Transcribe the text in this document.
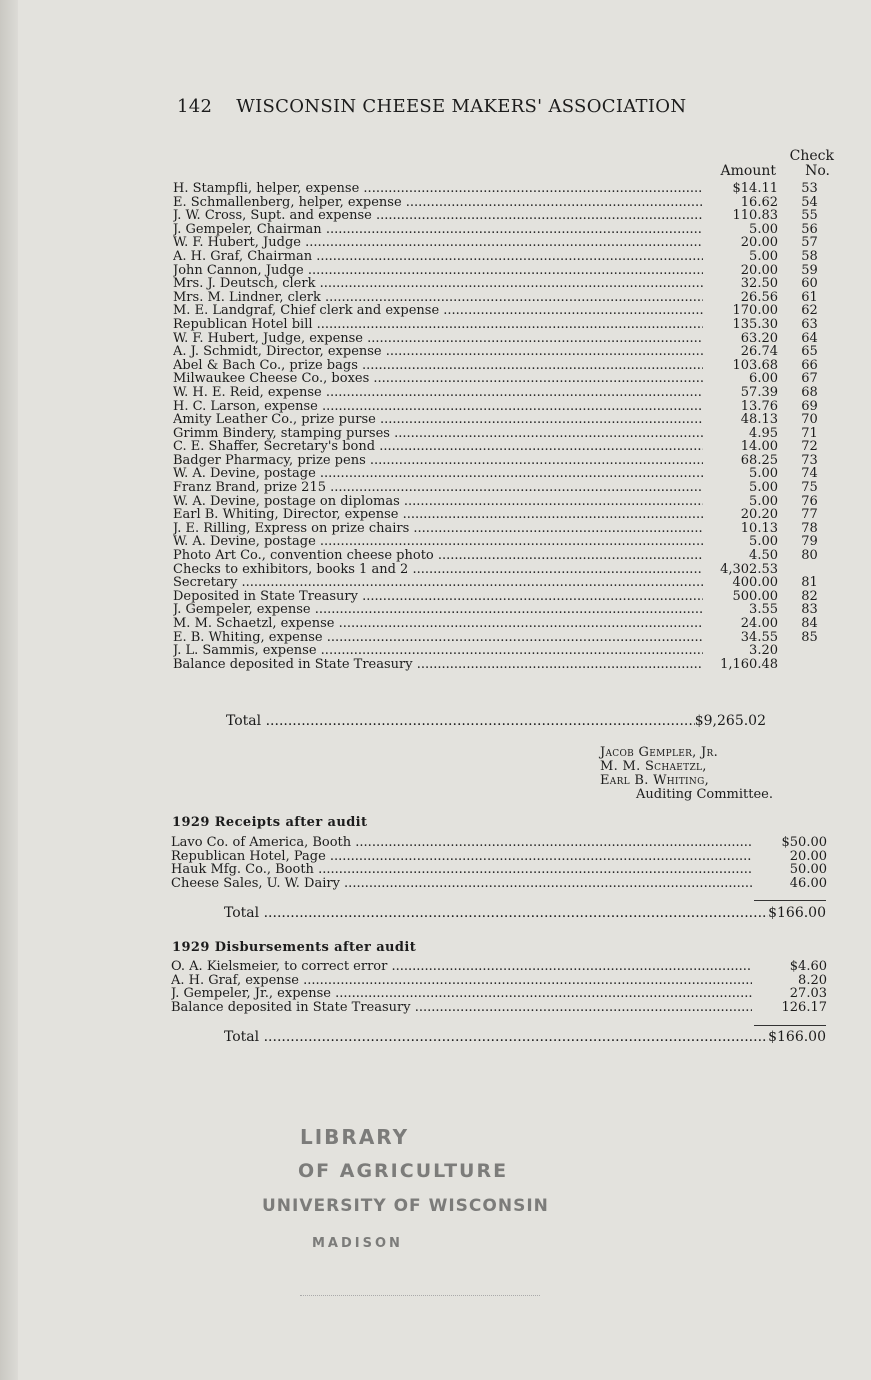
142 WISCONSIN CHEESE MAKERS' ASSOCIATION
Check
Amount	No.
H. Stampfli, helper, expense .....	$14.11	53
E. Schmallenberg, helper, expense .....	16.62	54
J. W. Cross, Supt. and expense .....	110.83	55
J. Gempeler, Chairman .....	5.00	56
W. F. Hubert, Judge .....	20.00	57
A. H. Graf, Chairman .....	5.00	58
John Cannon, Judge .....	20.00	59
Mrs. J. Deutsch, clerk .....	32.50	60
Mrs. M. Lindner, clerk .....	26.56	61
M. E. Landgraf, Chief clerk and expense .....	170.00	62
Republican Hotel bill .....	135.30	63
W. F. Hubert, Judge, expense .....	63.20	64
A. J. Schmidt, Director, expense .....	26.74	65
Abel & Bach Co., prize bags .....	103.68	66
Milwaukee Cheese Co., boxes .....	6.00	67
W. H. E. Reid, expense .....	57.39	68
H. C. Larson, expense .....	13.76	69
Amity Leather Co., prize purse .....	48.13	70
Grimm Bindery, stamping purses .....	4.95	71
C. E. Shaffer, Secretary's bond .....	14.00	72
Badger Pharmacy, prize pens .....	68.25	73
W. A. Devine, postage .....	5.00	74
Franz Brand, prize 215 .....	5.00	75
W. A. Devine, postage on diplomas .....	5.00	76
Earl B. Whiting, Director, expense .....	20.20	77
J. E. Rilling, Express on prize chairs .....	10.13	78
W. A. Devine, postage .....	5.00	79
Photo Art Co., convention cheese photo .....	4.50	80
Checks to exhibitors, books 1 and 2 .....	4,302.53
Secretary .....	400.00	81
Deposited in State Treasury .....	500.00	82
J. Gempeler, expense .....	3.55	83
M. M. Schaetzl, expense .....	24.00	84
E. B. Whiting, expense .....	34.55	85
J. L. Sammis, expense .....	3.20
Balance deposited in State Treasury .....	1,160.48
Total .....	$9,265.02
Jacob Gempler, Jr.
M. M. Schaetzl,
Earl B. Whiting,
Auditing Committee.
1929 Receipts after audit
Lavo Co. of America, Booth .....	$50.00
Republican Hotel, Page .....	20.00
Hauk Mfg. Co., Booth .....	50.00
Cheese Sales, U. W. Dairy .....	46.00
Total .....	$166.00
1929 Disbursements after audit
O. A. Kielsmeier, to correct error .....	$4.60
A. H. Graf, expense .....	8.20
J. Gempeler, Jr., expense .....	27.03
Balance deposited in State Treasury .....	126.17
Total .....	$166.00
LIBRARY
OF AGRICULTURE
UNIVERSITY OF WISCONSIN
MADISON
